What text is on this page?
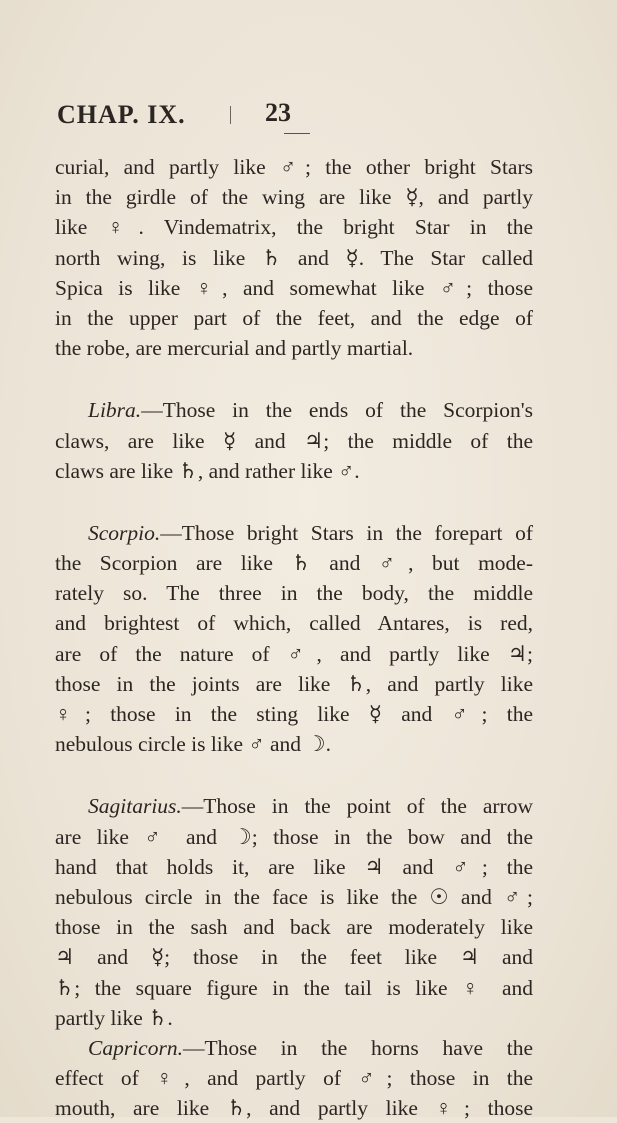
CHAP. IX.	23
curial, and partly like ♂; the other bright Stars
in the girdle of the wing are like ☿, and partly
like ♀. Vindematrix, the bright Star in the
north wing, is like ♄ and ☿. The Star called
Spica is like ♀, and somewhat like ♂; those
in the upper part of the feet, and the edge of
the robe, are mercurial and partly martial.
Libra.—Those in the ends of the Scorpion's
claws, are like ☿ and ♃; the middle of the
claws are like ♄, and rather like ♂.
Scorpio.—Those bright Stars in the forepart of
the Scorpion are like ♄ and ♂, but mode-
rately so. The three in the body, the middle
and brightest of which, called Antares, is red,
are of the nature of ♂, and partly like ♃;
those in the joints are like ♄, and partly like
♀; those in the sting like ☿ and ♂; the
nebulous circle is like ♂ and ☽.
Sagitarius.—Those in the point of the arrow
are like ♂ and ☽; those in the bow and the
hand that holds it, are like ♃ and ♂; the
nebulous circle in the face is like the ☉ and ♂;
those in the sash and back are moderately like
♃ and ☿; those in the feet like ♃ and
♄; the square figure in the tail is like ♀ and
partly like ♄.
Capricorn.—Those in the horns have the
effect of ♀, and partly of ♂; those in the
mouth, are like ♄, and partly like ♀; those
